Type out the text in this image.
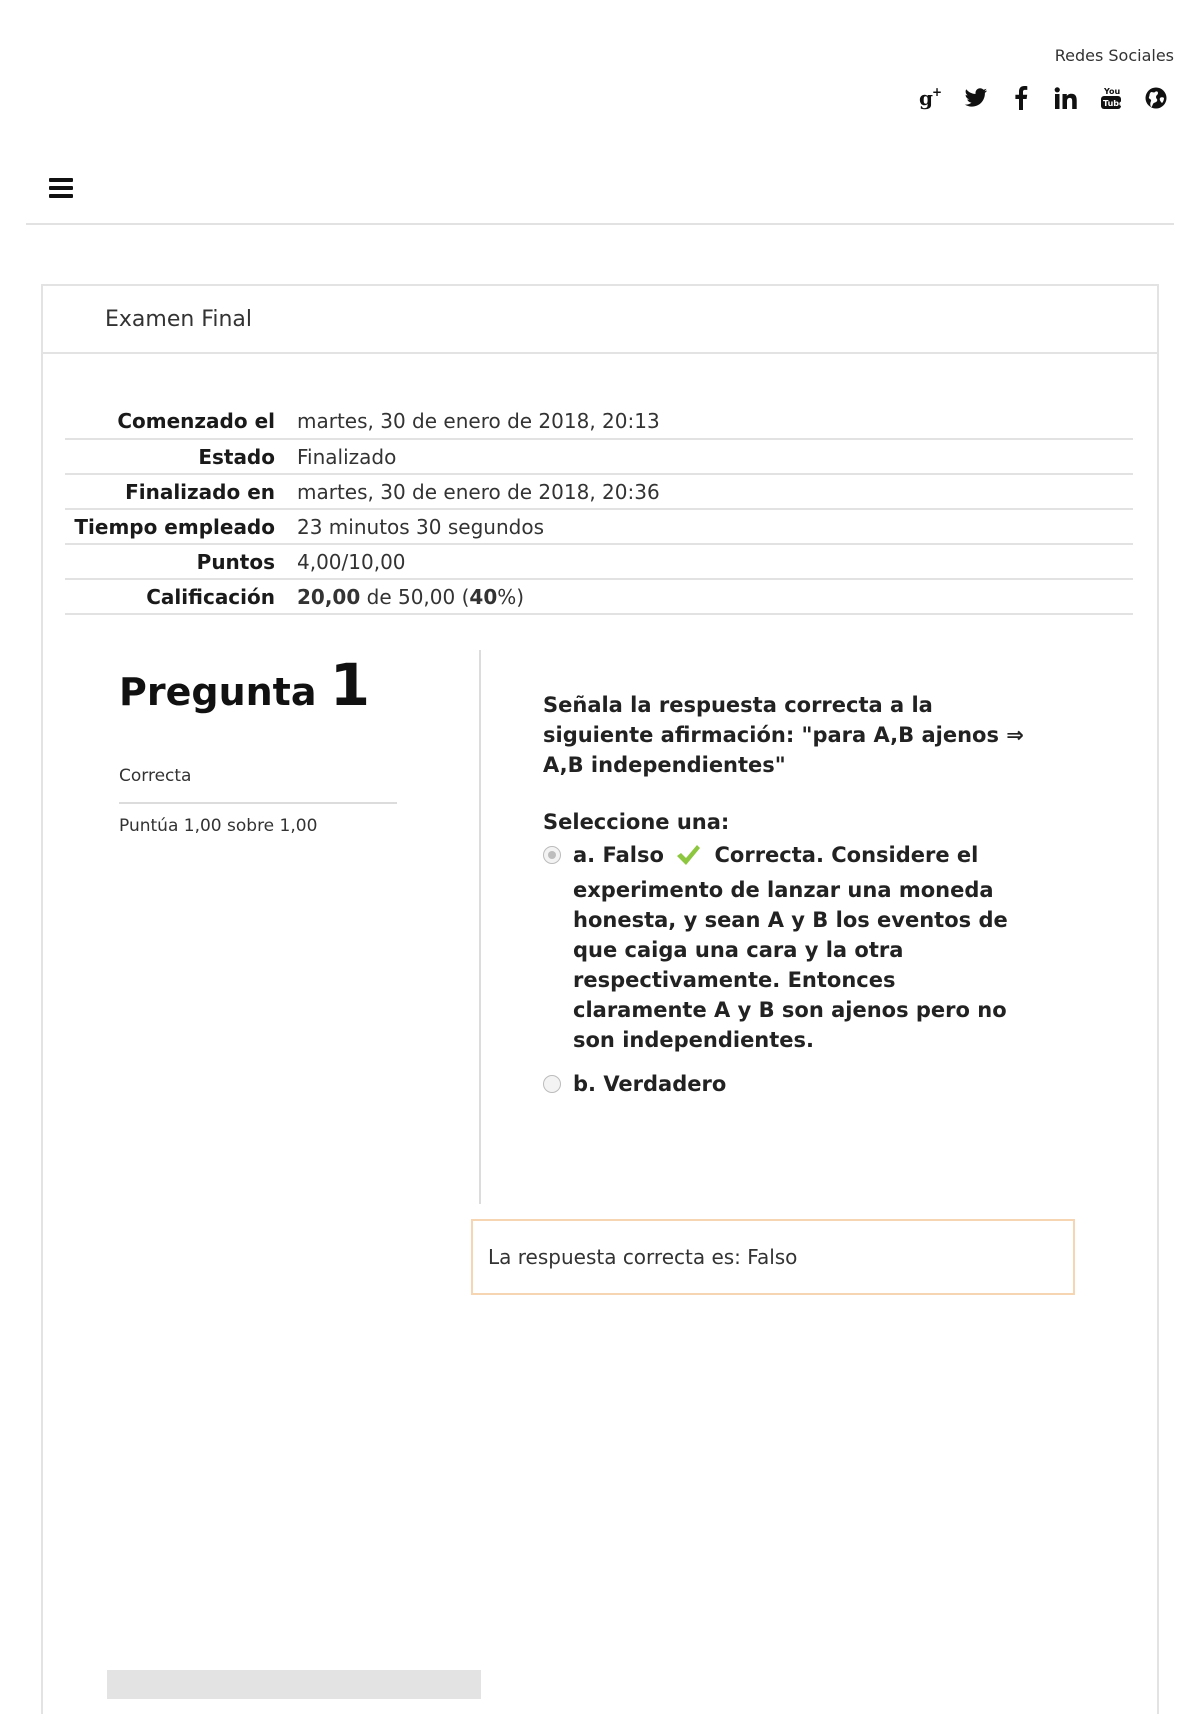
Redes Sociales
g +	You
Tube
Examen Final
Comenzado el	martes, 30 de enero de 2018, 20:13
Estado	Finalizado
Finalizado en	martes, 30 de enero de 2018, 20:36
Tiempo empleado	23 minutos 30 segundos
Puntos	4,00/10,00
Calificación	20,00 de 50,00 (40%)
Pregunta 1
Correcta
Puntúa 1,00 sobre 1,00
Señala la respuesta correcta a la siguiente afirmación: "para A,B ajenos ⇒ A,B independientes"
Seleccione una:
a. Falso Correcta. Considere el experimento de lanzar una moneda honesta, y sean A y B los eventos de que caiga una cara y la otra respectivamente. Entonces claramente A y B son ajenos pero no son independientes.
b. Verdadero
La respuesta correcta es: Falso
